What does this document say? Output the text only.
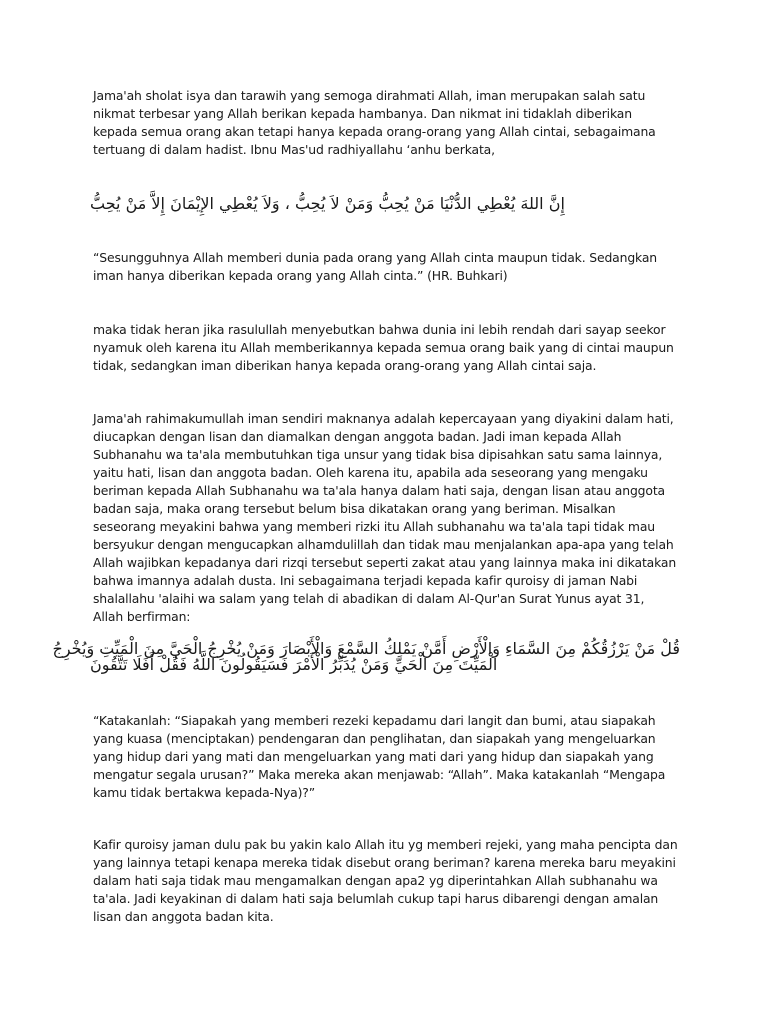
Jama'ah sholat isya dan tarawih yang semoga dirahmati Allah, iman merupakan salah satu nikmat terbesar yang Allah berikan kepada hambanya. Dan nikmat ini tidaklah diberikan kepada semua orang akan tetapi hanya kepada orang-orang yang Allah cintai, sebagaimana tertuang di dalam hadist. Ibnu Mas'ud radhiyallahu ‘anhu berkata,

إِنَّ اللهَ يُعْطِي الدُّنْيَا مَنْ يُحِبُّ وَمَنْ لاَ يُحِبُّ ، وَلاَ يُعْطِي الإِيْمَانَ إِلاَّ مَنْ يُحِبُّ

“Sesungguhnya Allah memberi dunia pada orang yang Allah cinta maupun tidak. Sedangkan iman hanya diberikan kepada orang yang Allah cinta.” (HR. Buhkari)

maka tidak heran jika rasulullah menyebutkan bahwa dunia ini lebih rendah dari sayap seekor nyamuk oleh karena itu Allah memberikannya kepada semua orang baik yang di cintai maupun tidak, sedangkan iman diberikan hanya kepada orang-orang yang Allah cintai saja.

Jama'ah rahimakumullah iman sendiri maknanya adalah kepercayaan yang diyakini dalam hati, diucapkan dengan lisan dan diamalkan dengan anggota badan. Jadi iman kepada Allah Subhanahu wa ta'ala membutuhkan tiga unsur yang tidak bisa dipisahkan satu sama lainnya, yaitu hati, lisan dan anggota badan. Oleh karena itu, apabila ada seseorang yang mengaku beriman kepada Allah Subhanahu wa ta'ala hanya dalam hati saja, dengan lisan atau anggota badan saja, maka orang tersebut belum bisa dikatakan orang yang beriman. Misalkan seseorang meyakini bahwa yang memberi rizki itu Allah subhanahu wa ta'ala tapi tidak mau bersyukur dengan mengucapkan alhamdulillah dan tidak mau menjalankan apa-apa yang telah Allah wajibkan kepadanya dari rizqi tersebut seperti zakat atau yang lainnya maka ini dikatakan bahwa imannya adalah dusta. Ini sebagaimana terjadi kepada kafir quroisy di jaman Nabi shalallahu 'alaihi wa salam yang telah di abadikan di dalam Al-Qur'an Surat Yunus ayat 31, Allah berfirman:

قُلْ مَنْ يَرْزُقُكُمْ مِنَ السَّمَاءِ وَالْأَرْضِ أَمَّنْ يَمْلِكُ السَّمْعَ وَالْأَبْصَارَ وَمَنْ يُخْرِجُ الْحَيَّ مِنَ الْمَيِّتِ وَيُخْرِجُ
الْمَيِّتَ مِنَ الْحَيِّ وَمَنْ يُدَبِّرُ الْأَمْرَ فَسَيَقُولُونَ اللَّهُ فَقُلْ أَفَلَا تَتَّقُونَ

“Katakanlah: “Siapakah yang memberi rezeki kepadamu dari langit dan bumi, atau siapakah yang kuasa (menciptakan) pendengaran dan penglihatan, dan siapakah yang mengeluarkan yang hidup dari yang mati dan mengeluarkan yang mati dari yang hidup dan siapakah yang mengatur segala urusan?” Maka mereka akan menjawab: “Allah”. Maka katakanlah “Mengapa kamu tidak bertakwa kepada-Nya)?”

Kafir quroisy jaman dulu pak bu yakin kalo Allah itu yg memberi rejeki, yang maha pencipta dan yang lainnya tetapi kenapa mereka tidak disebut orang beriman? karena mereka baru meyakini dalam hati saja tidak mau mengamalkan dengan apa2 yg diperintahkan Allah subhanahu wa ta'ala. Jadi keyakinan di dalam hati saja belumlah cukup tapi harus dibarengi dengan amalan lisan dan anggota badan kita.
